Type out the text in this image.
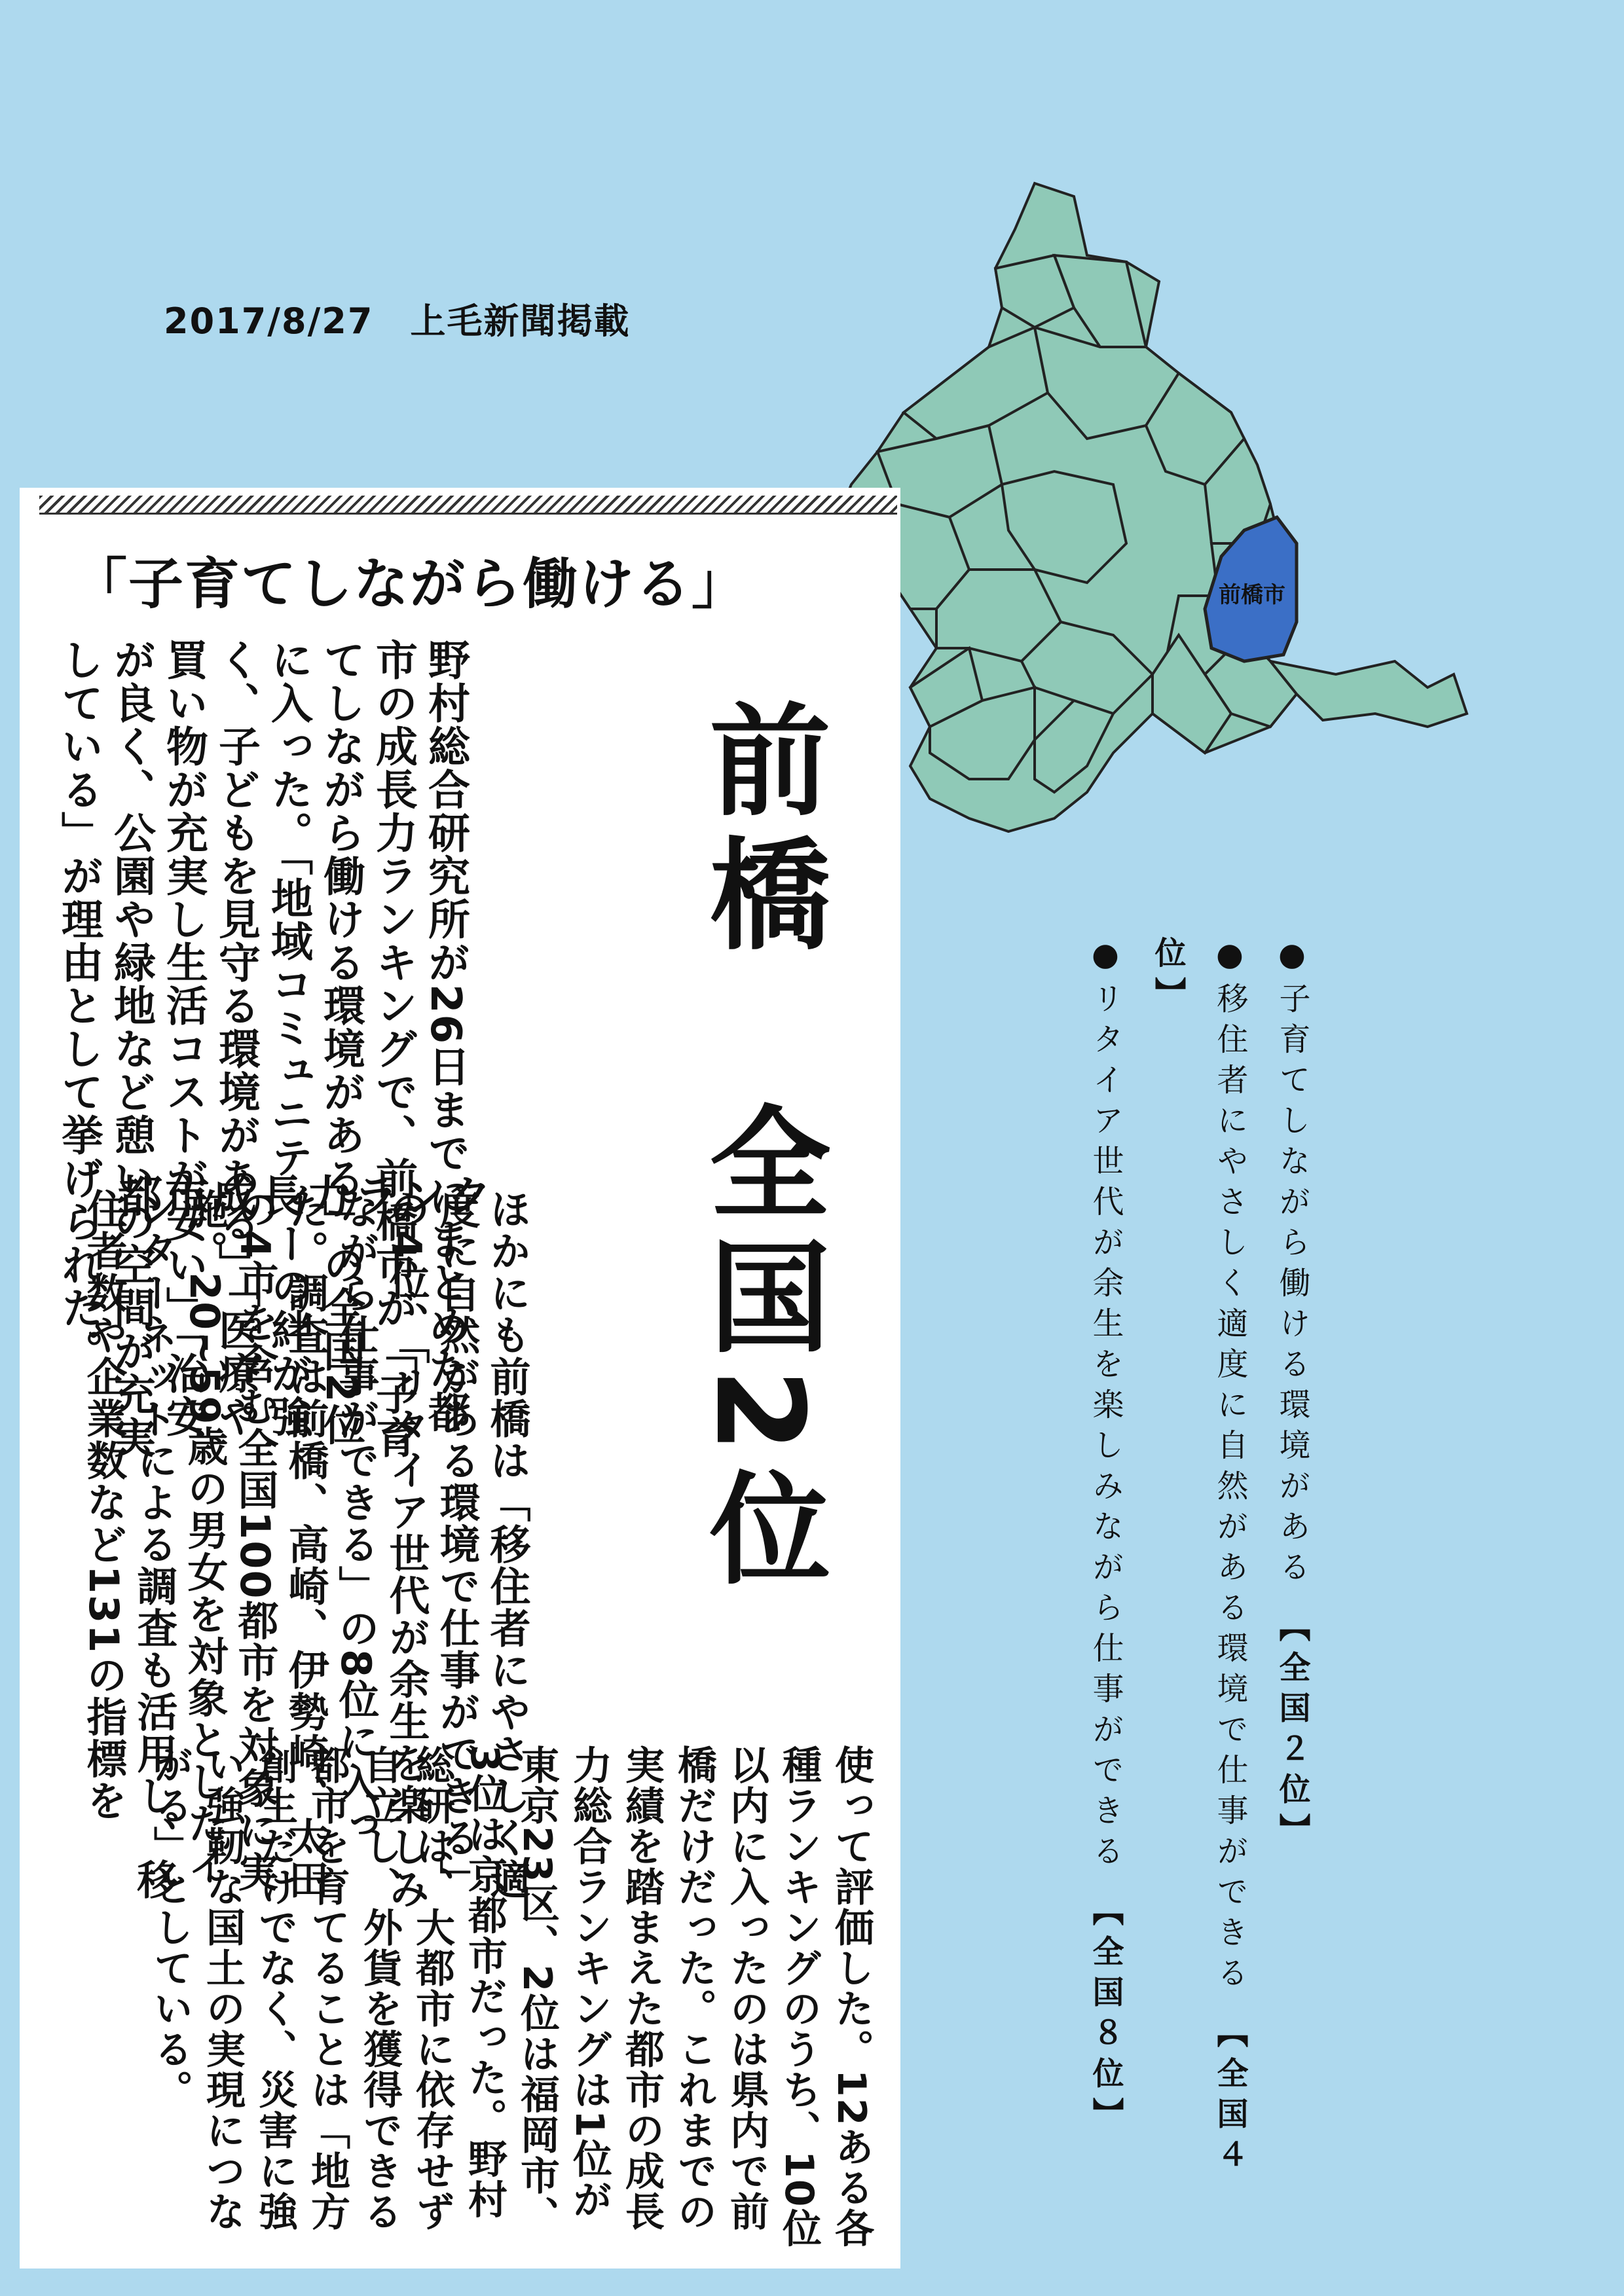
2017/8/27　上毛新聞掲載
前橋市
「子育てしながら働ける」
前橋　全国2位
野村総合研究所が26日までにまとめた都市の成長力ランキングで、前橋市が「子育てしながら働ける環境がある」の全国2位に入った。「地域コミュニティーの絆が強く、子どもを見守る環境がある」「医療や買い物が充実し生活コストが安い」「治安が良く、公園や緑地など憩いの空間が充実している」が理由として挙げられた。 都市成長力ランク
ほかにも前橋は「移住者にやさしく適度に自然がある環境で仕事ができる」の4位、「リタイア世代が余生を楽しみながら仕事ができる」の8位に入った。調査は前橋、高崎、伊勢崎、太田の4市を含む全国100都市を対象に実施。20~59歳の男女を対象としたインターネットによる調査も活用し、移住者数や企業数など131の指標を
使って評価した。12ある各種ランキングのうち、10位以内に入ったのは県内で前橋だけだった。これまでの実績を踏まえた都市の成長力総合ランキングは1位が東京23区、2位は福岡市、3位は京都市だった。野村総研は、大都市に依存せず自立し、外貨を獲得できる都市を育てることは「地方創生だけでなく、災害に強い強靭な国土の実現につながる」としている。

●子育てしながら働ける環境がある 【全国２位】

●移住者にやさしく適度に自然がある環境で仕事ができる 【全国４位】

●リタイア世代が余生を楽しみながら仕事ができる 【全国８位】
